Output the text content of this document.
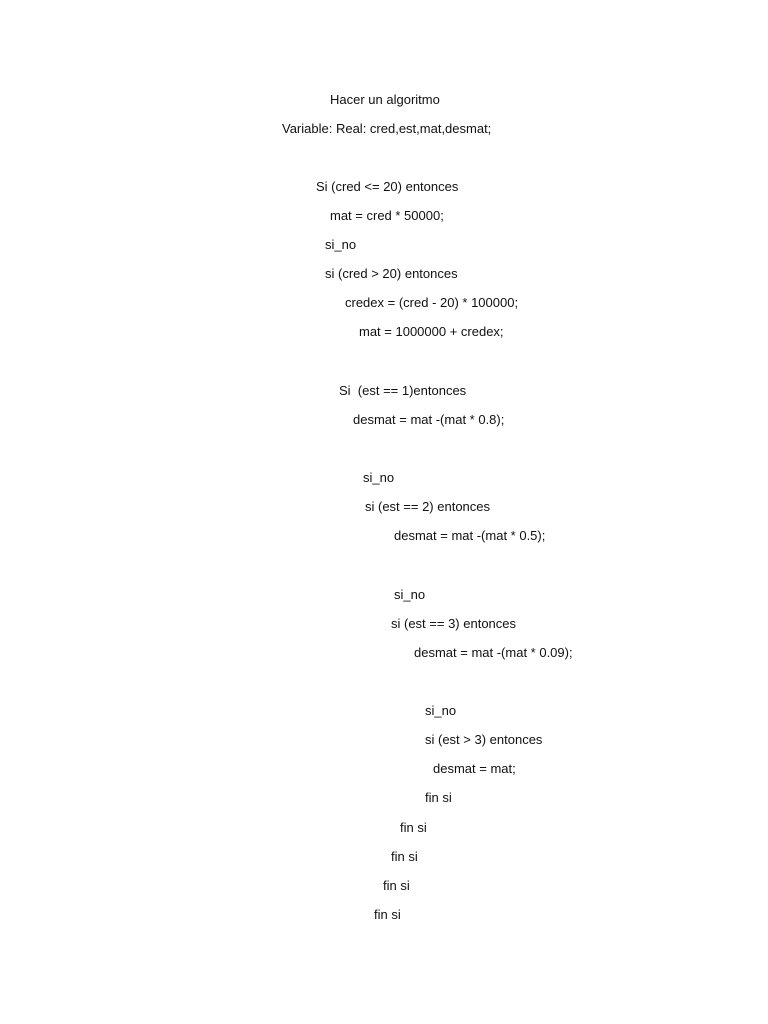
Hacer un algoritmo
Variable: Real: cred,est,mat,desmat;
Si (cred <= 20) entonces
mat = cred * 50000;
si_no
si (cred > 20) entonces
credex = (cred - 20) * 100000;
mat = 1000000 + credex;
Si  (est == 1)entonces
desmat = mat -(mat * 0.8);
si_no
si (est == 2) entonces
desmat = mat -(mat * 0.5);
si_no
si (est == 3) entonces
desmat = mat -(mat * 0.09);
si_no
si (est > 3) entonces
desmat = mat;
fin si
fin si
fin si
fin si
fin si
